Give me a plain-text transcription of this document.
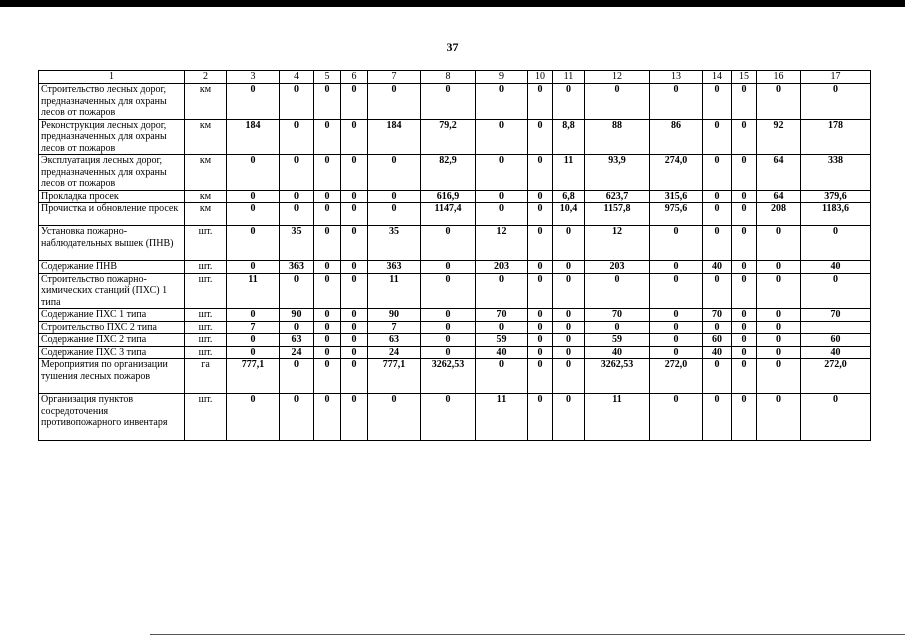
37
1	2	3	4	5	6	7	8	9	10	11	12	13	14	15	16	17
Строительство лесных дорог, предназначенных для охраны лесов от пожаров	км	0	0	0	0	0	0	0	0	0	0	0	0	0	0	0
Реконструкция лесных дорог, предназначенных для охраны лесов от пожаров	км	184	0	0	0	184	79,2	0	0	8,8	88	86	0	0	92	178
Эксплуатация лесных дорог, предназначенных для охраны лесов от пожаров	км	0	0	0	0	0	82,9	0	0	11	93,9	274,0	0	0	64	338
Прокладка просек	км	0	0	0	0	0	616,9	0	0	6,8	623,7	315,6	0	0	64	379,6
Прочистка и обновление просек	км	0	0	0	0	0	1147,4	0	0	10,4	1157,8	975,6	0	0	208	1183,6
Установка пожарно-наблюдательных вышек (ПНВ)	шт.	0	35	0	0	35	0	12	0	0	12	0	0	0	0	0
Содержание ПНВ	шт.	0	363	0	0	363	0	203	0	0	203	0	40	0	0	40
Строительство пожарно-химических станций (ПХС) 1 типа	шт.	11	0	0	0	11	0	0	0	0	0	0	0	0	0	0
Содержание ПХС 1 типа	шт.	0	90	0	0	90	0	70	0	0	70	0	70	0	0	70
Строительство ПХС 2 типа	шт.	7	0	0	0	7	0	0	0	0	0	0	0	0	0	
Содержание ПХС 2 типа	шт.	0	63	0	0	63	0	59	0	0	59	0	60	0	0	60
Содержание ПХС 3 типа	шт.	0	24	0	0	24	0	40	0	0	40	0	40	0	0	40
Мероприятия по организации тушения лесных пожаров	га	777,1	0	0	0	777,1	3262,53	0	0	0	3262,53	272,0	0	0	0	272,0
Организация пунктов сосредоточения противопожарного инвентаря	шт.	0	0	0	0	0	0	11	0	0	11	0	0	0	0	0
